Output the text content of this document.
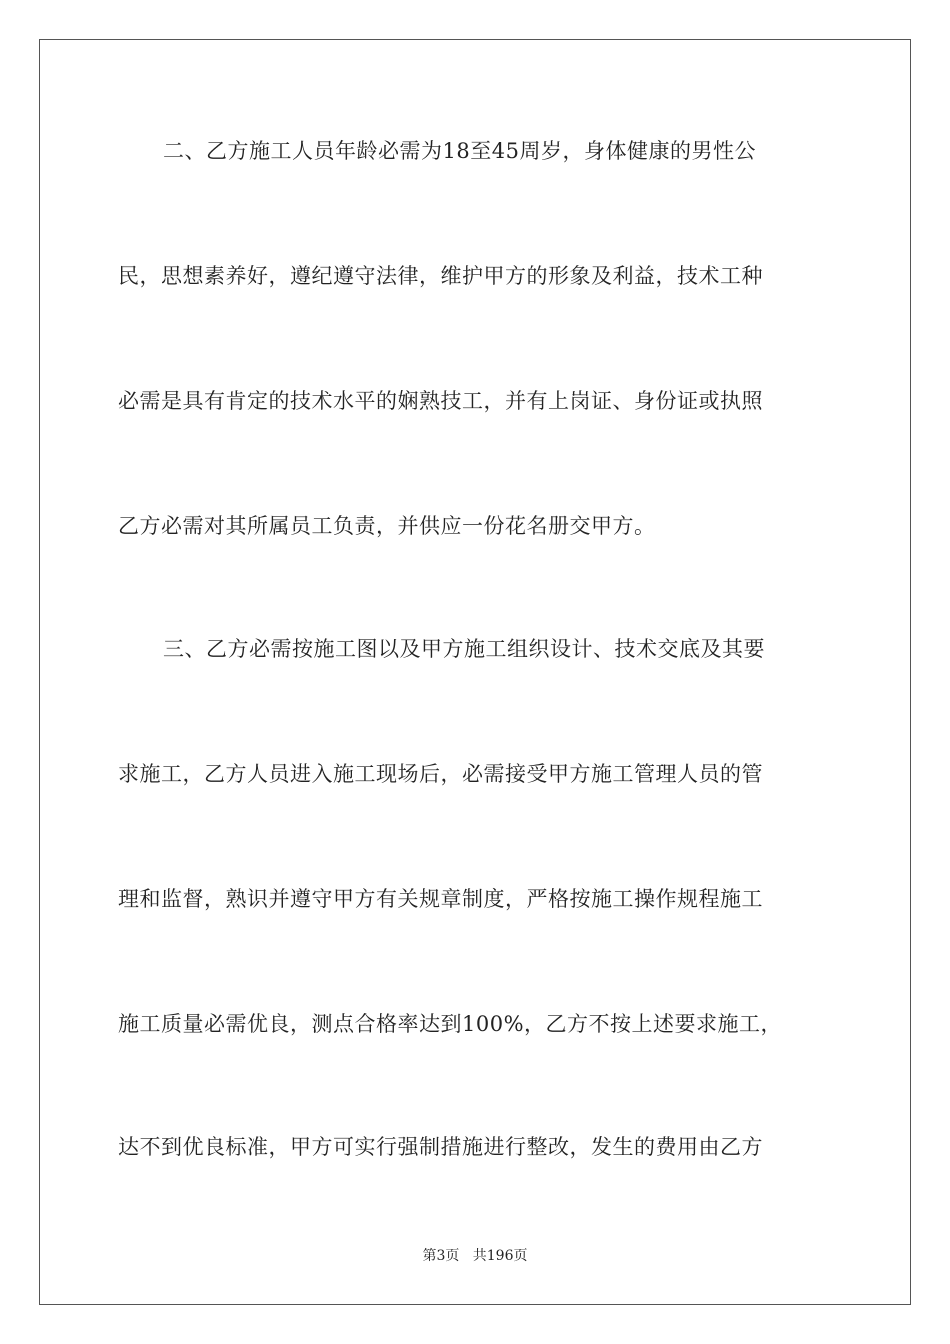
二、乙方施工人员年龄必需为18至45周岁，身体健康的男性公
民，思想素养好，遵纪遵守法律，维护甲方的形象及利益，技术工种
必需是具有肯定的技术水平的娴熟技工，并有上岗证、身份证或执照
乙方必需对其所属员工负责，并供应一份花名册交甲方。
三、乙方必需按施工图以及甲方施工组织设计、技术交底及其要
求施工，乙方人员进入施工现场后，必需接受甲方施工管理人员的管
理和监督，熟识并遵守甲方有关规章制度，严格按施工操作规程施工
施工质量必需优良，测点合格率达到100%，乙方不按上述要求施工，
达不到优良标准，甲方可实行强制措施进行整改，发生的费用由乙方
第3页 共196页
